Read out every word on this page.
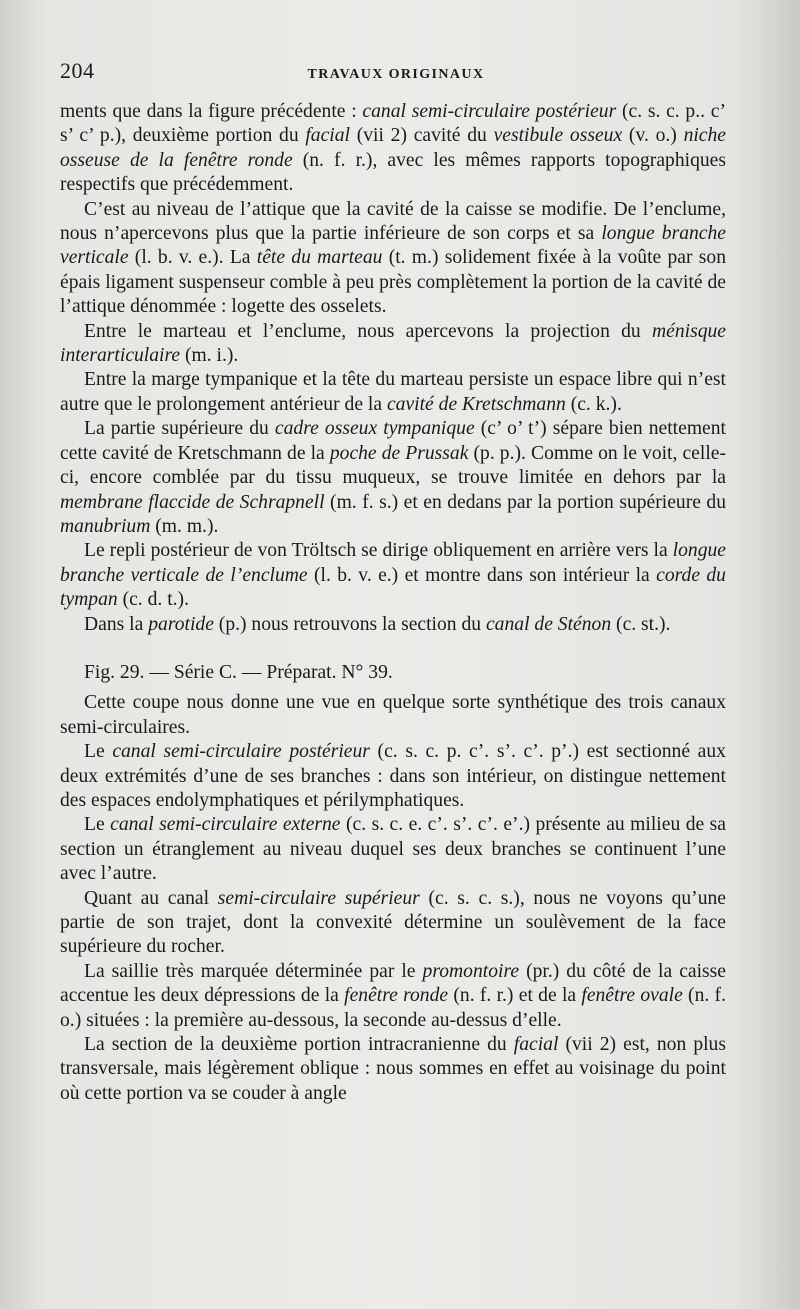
204	TRAVAUX ORIGINAUX

ments que dans la figure précédente : canal semi-circulaire postérieur (c. s. c. p.. c’ s’ c’ p.), deuxième portion du facial (vii 2) cavité du vestibule osseux (v. o.) niche osseuse de la fenêtre ronde (n. f. r.), avec les mêmes rapports topographiques respectifs que précédemment.

C’est au niveau de l’attique que la cavité de la caisse se modifie. De l’enclume, nous n’apercevons plus que la partie inférieure de son corps et sa longue branche verticale (l. b. v. e.). La tête du marteau (t. m.) solidement fixée à la voûte par son épais ligament suspenseur comble à peu près complètement la portion de la cavité de l’attique dénommée : logette des osselets.

Entre le marteau et l’enclume, nous apercevons la projection du ménisque interarticulaire (m. i.).

Entre la marge tympanique et la tête du marteau persiste un espace libre qui n’est autre que le prolongement antérieur de la cavité de Kretschmann (c. k.).

La partie supérieure du cadre osseux tympanique (c’ o’ t’) sépare bien nettement cette cavité de Kretschmann de la poche de Prussak (p. p.). Comme on le voit, celle-ci, encore comblée par du tissu muqueux, se trouve limitée en dehors par la membrane flaccide de Schrapnell (m. f. s.) et en dedans par la portion supérieure du manubrium (m. m.).

Le repli postérieur de von Tröltsch se dirige obliquement en arrière vers la longue branche verticale de l’enclume (l. b. v. e.) et montre dans son intérieur la corde du tympan (c. d. t.).

Dans la parotide (p.) nous retrouvons la section du canal de Sténon (c. st.).

Fig. 29. — Série C. — Préparat. N° 39.

Cette coupe nous donne une vue en quelque sorte synthétique des trois canaux semi-circulaires.

Le canal semi-circulaire postérieur (c. s. c. p. c’. s’. c’. p’.) est sectionné aux deux extrémités d’une de ses branches : dans son intérieur, on distingue nettement des espaces endolymphatiques et périlymphatiques.

Le canal semi-circulaire externe (c. s. c. e. c’. s’. c’. e’.) présente au milieu de sa section un étranglement au niveau duquel ses deux branches se continuent l’une avec l’autre.

Quant au canal semi-circulaire supérieur (c. s. c. s.), nous ne voyons qu’une partie de son trajet, dont la convexité détermine un soulèvement de la face supérieure du rocher.

La saillie très marquée déterminée par le promontoire (pr.) du côté de la caisse accentue les deux dépressions de la fenêtre ronde (n. f. r.) et de la fenêtre ovale (n. f. o.) situées : la première au-dessous, la seconde au-dessus d’elle.

La section de la deuxième portion intracranienne du facial (vii 2) est, non plus transversale, mais légèrement oblique : nous sommes en effet au voisinage du point où cette portion va se couder à angle
